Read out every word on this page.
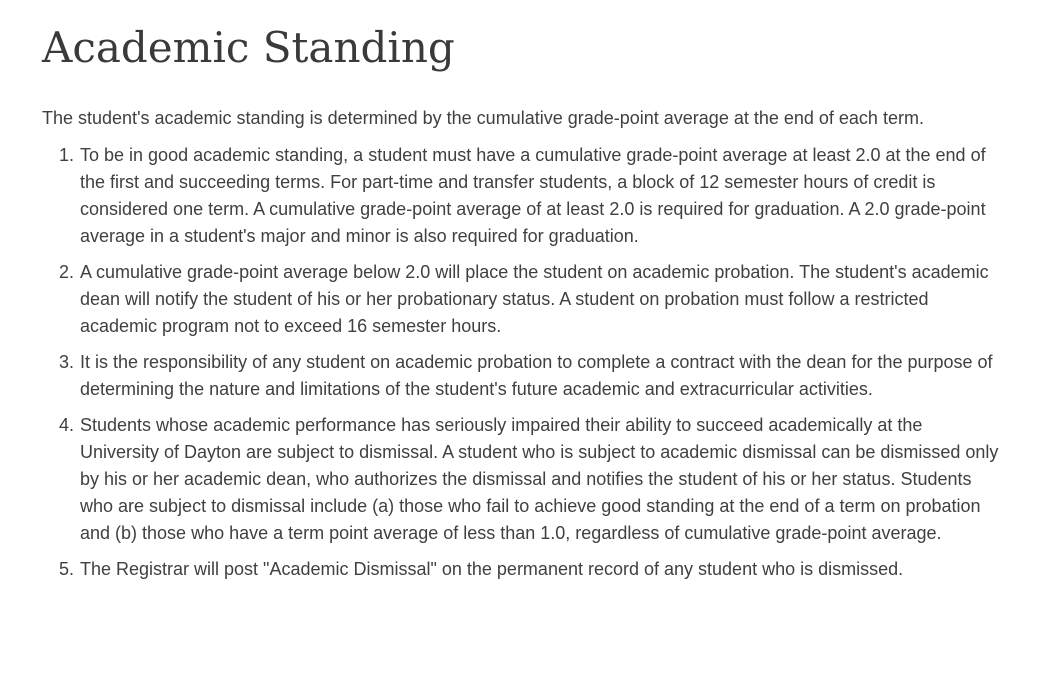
Academic Standing

The student's academic standing is determined by the cumulative grade-point average at the end of each term.

1. To be in good academic standing, a student must have a cumulative grade-point average at least 2.0 at the end of the first and succeeding terms. For part-time and transfer students, a block of 12 semester hours of credit is considered one term. A cumulative grade-point average of at least 2.0 is required for graduation. A 2.0 grade-point average in a student's major and minor is also required for graduation.
2. A cumulative grade-point average below 2.0 will place the student on academic probation. The student's academic dean will notify the student of his or her probationary status. A student on probation must follow a restricted academic program not to exceed 16 semester hours.
3. It is the responsibility of any student on academic probation to complete a contract with the dean for the purpose of determining the nature and limitations of the student's future academic and extracurricular activities.
4. Students whose academic performance has seriously impaired their ability to succeed academically at the University of Dayton are subject to dismissal. A student who is subject to academic dismissal can be dismissed only by his or her academic dean, who authorizes the dismissal and notifies the student of his or her status. Students who are subject to dismissal include (a) those who fail to achieve good standing at the end of a term on probation and (b) those who have a term point average of less than 1.0, regardless of cumulative grade-point average.
5. The Registrar will post "Academic Dismissal" on the permanent record of any student who is dismissed.
